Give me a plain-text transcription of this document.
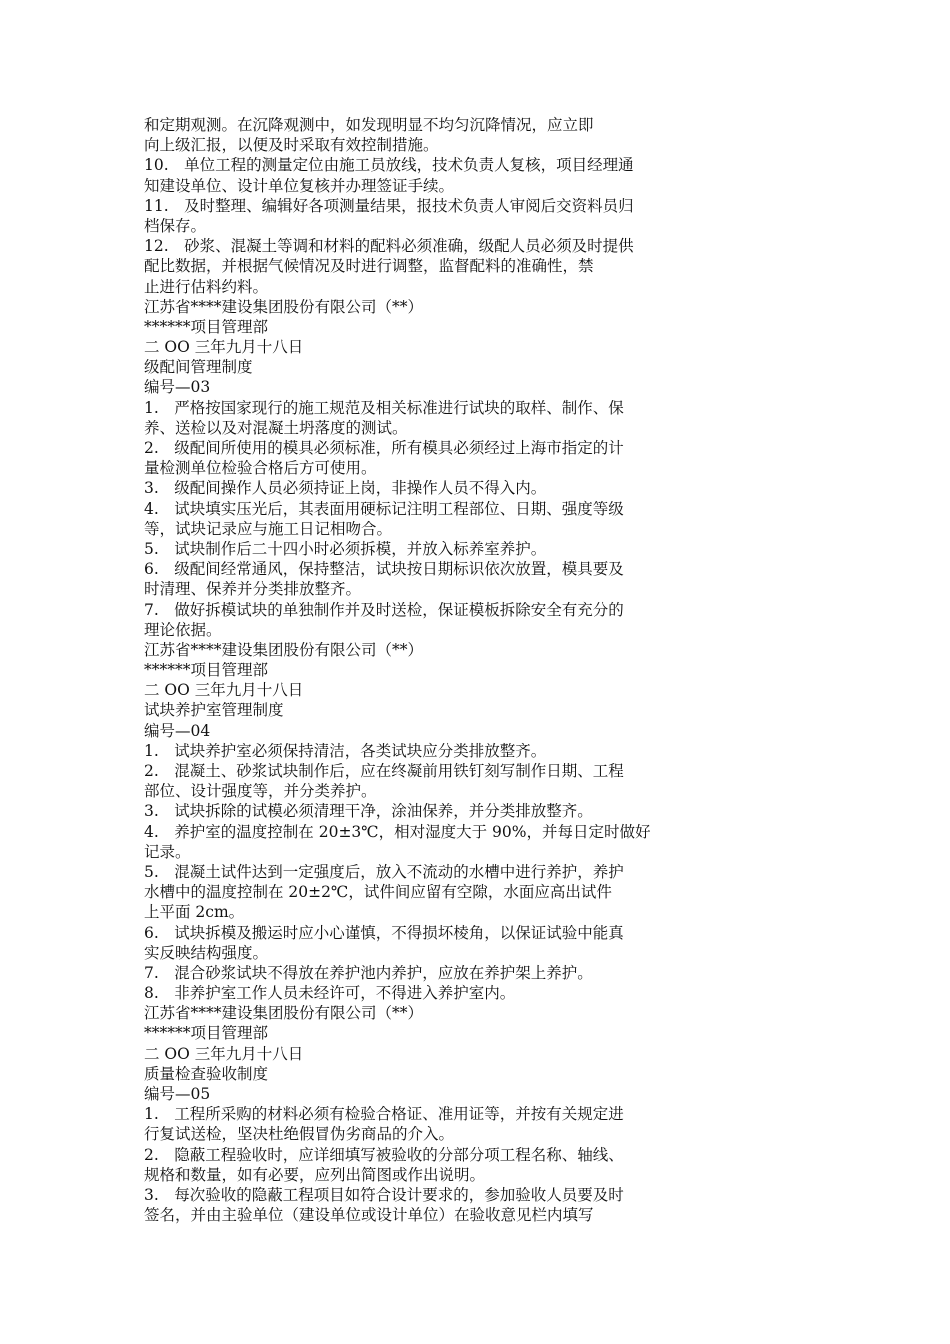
和定期观测。在沉降观测中，如发现明显不均匀沉降情况，应立即
向上级汇报，以便及时采取有效控制措施。
10.　单位工程的测量定位由施工员放线，技术负责人复核，项目经理通
知建设单位、设计单位复核并办理签证手续。
11.　及时整理、编辑好各项测量结果，报技术负责人审阅后交资料员归
档保存。
12.　砂浆、混凝土等调和材料的配料必须准确，级配人员必须及时提供
配比数据，并根据气候情况及时进行调整，监督配料的准确性，禁
止进行估料约料。
江苏省****建设集团股份有限公司（**）
******项目管理部
二 OO 三年九月十八日
级配间管理制度
编号—03
1.　严格按国家现行的施工规范及相关标准进行试块的取样、制作、保
养、送检以及对混凝土坍落度的测试。
2.　级配间所使用的模具必须标准，所有模具必须经过上海市指定的计
量检测单位检验合格后方可使用。
3.　级配间操作人员必须持证上岗，非操作人员不得入内。
4.　试块填实压光后，其表面用硬标记注明工程部位、日期、强度等级
等，试块记录应与施工日记相吻合。
5.　试块制作后二十四小时必须拆模，并放入标养室养护。
6.　级配间经常通风，保持整洁，试块按日期标识依次放置，模具要及
时清理、保养并分类排放整齐。
7.　做好拆模试块的单独制作并及时送检，保证模板拆除安全有充分的
理论依据。
江苏省****建设集团股份有限公司（**）
******项目管理部
二 OO 三年九月十八日
试块养护室管理制度
编号—04
1.　试块养护室必须保持清洁，各类试块应分类排放整齐。
2.　混凝土、砂浆试块制作后，应在终凝前用铁钉刻写制作日期、工程
部位、设计强度等，并分类养护。
3.　试块拆除的试模必须清理干净，涂油保养，并分类排放整齐。
4.　养护室的温度控制在 20±3℃，相对湿度大于 90%，并每日定时做好
记录。
5.　混凝土试件达到一定强度后，放入不流动的水槽中进行养护，养护
水槽中的温度控制在 20±2℃，试件间应留有空隙，水面应高出试件
上平面 2cm。
6.　试块拆模及搬运时应小心谨慎，不得损坏棱角，以保证试验中能真
实反映结构强度。
7.　混合砂浆试块不得放在养护池内养护，应放在养护架上养护。
8.　非养护室工作人员未经许可，不得进入养护室内。
江苏省****建设集团股份有限公司（**）
******项目管理部
二 OO 三年九月十八日
质量检查验收制度
编号—05
1.　工程所采购的材料必须有检验合格证、准用证等，并按有关规定进
行复试送检，坚决杜绝假冒伪劣商品的介入。
2.　隐蔽工程验收时，应详细填写被验收的分部分项工程名称、轴线、
规格和数量，如有必要，应列出简图或作出说明。
3.　每次验收的隐蔽工程项目如符合设计要求的，参加验收人员要及时
签名，并由主验单位（建设单位或设计单位）在验收意见栏内填写
